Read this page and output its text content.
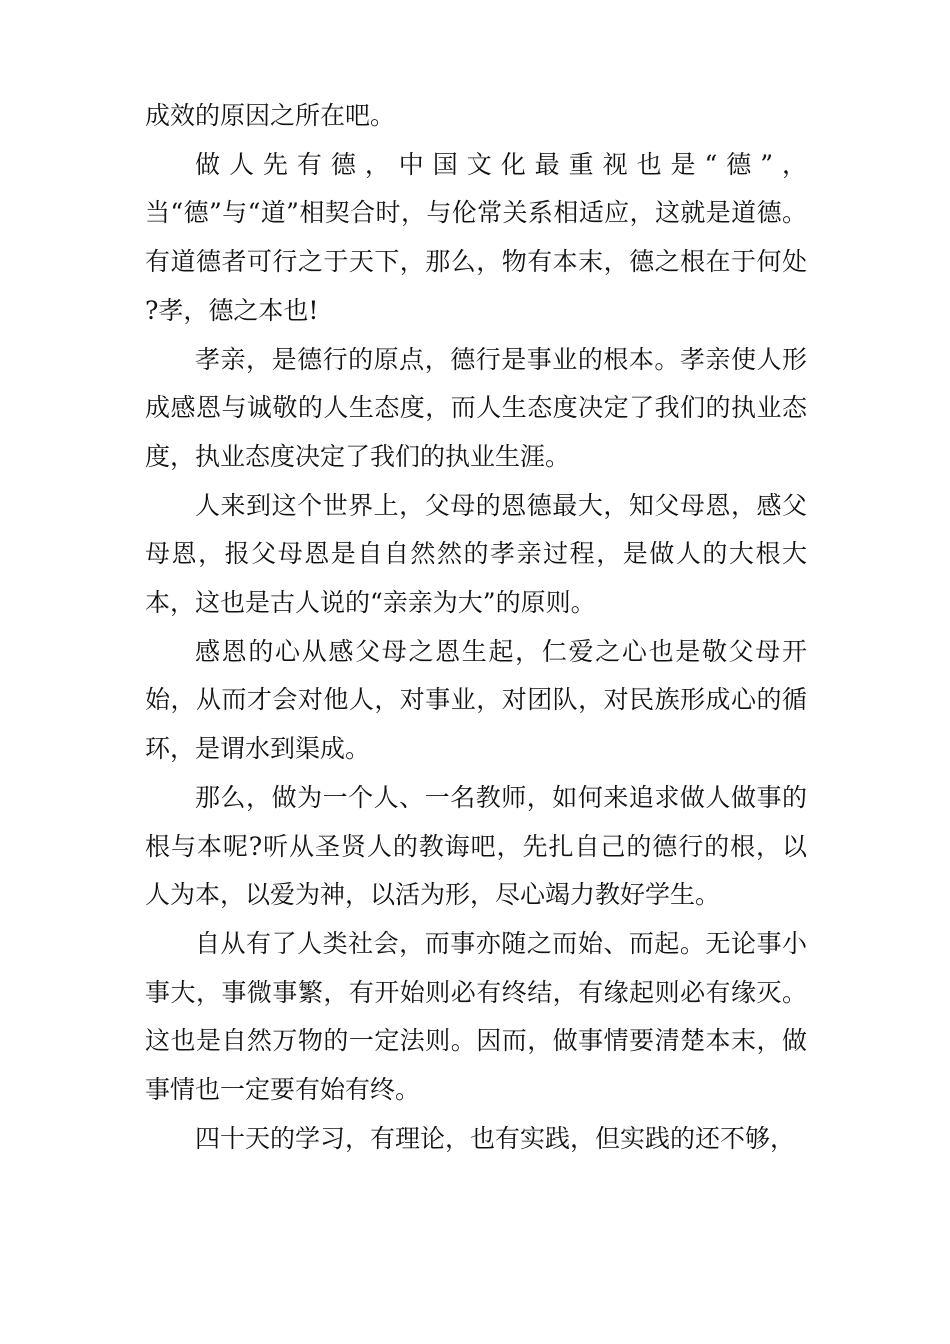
成效的原因之所在吧。

做人先有德，中国文化最重视也是“德”，当“德”与“道”相契合时，与伦常关系相适应，这就是道德。有道德者可行之于天下，那么，物有本末，德之根在于何处 ?孝，德之本也!

孝亲，是德行的原点，德行是事业的根本。孝亲使人形成感恩与诚敬的人生态度，而人生态度决定了我们的执业态度，执业态度决定了我们的执业生涯。

人来到这个世界上，父母的恩德最大，知父母恩，感父母恩，报父母恩是自自然然的孝亲过程，是做人的大根大本，这也是古人说的“亲亲为大”的原则。

感恩的心从感父母之恩生起，仁爱之心也是敬父母开始，从而才会对他人，对事业，对团队，对民族形成心的循环，是谓水到渠成。

那么，做为一个人、一名教师，如何来追求做人做事的根与本呢?听从圣贤人的教诲吧，先扎自己的德行的根，以人为本，以爱为神，以活为形，尽心竭力教好学生。

自从有了人类社会，而事亦随之而始、而起。无论事小事大，事微事繁，有开始则必有终结，有缘起则必有缘灭。这也是自然万物的一定法则。因而，做事情要清楚本末，做事情也一定要有始有终。

四十天的学习，有理论，也有实践，但实践的还不够，
